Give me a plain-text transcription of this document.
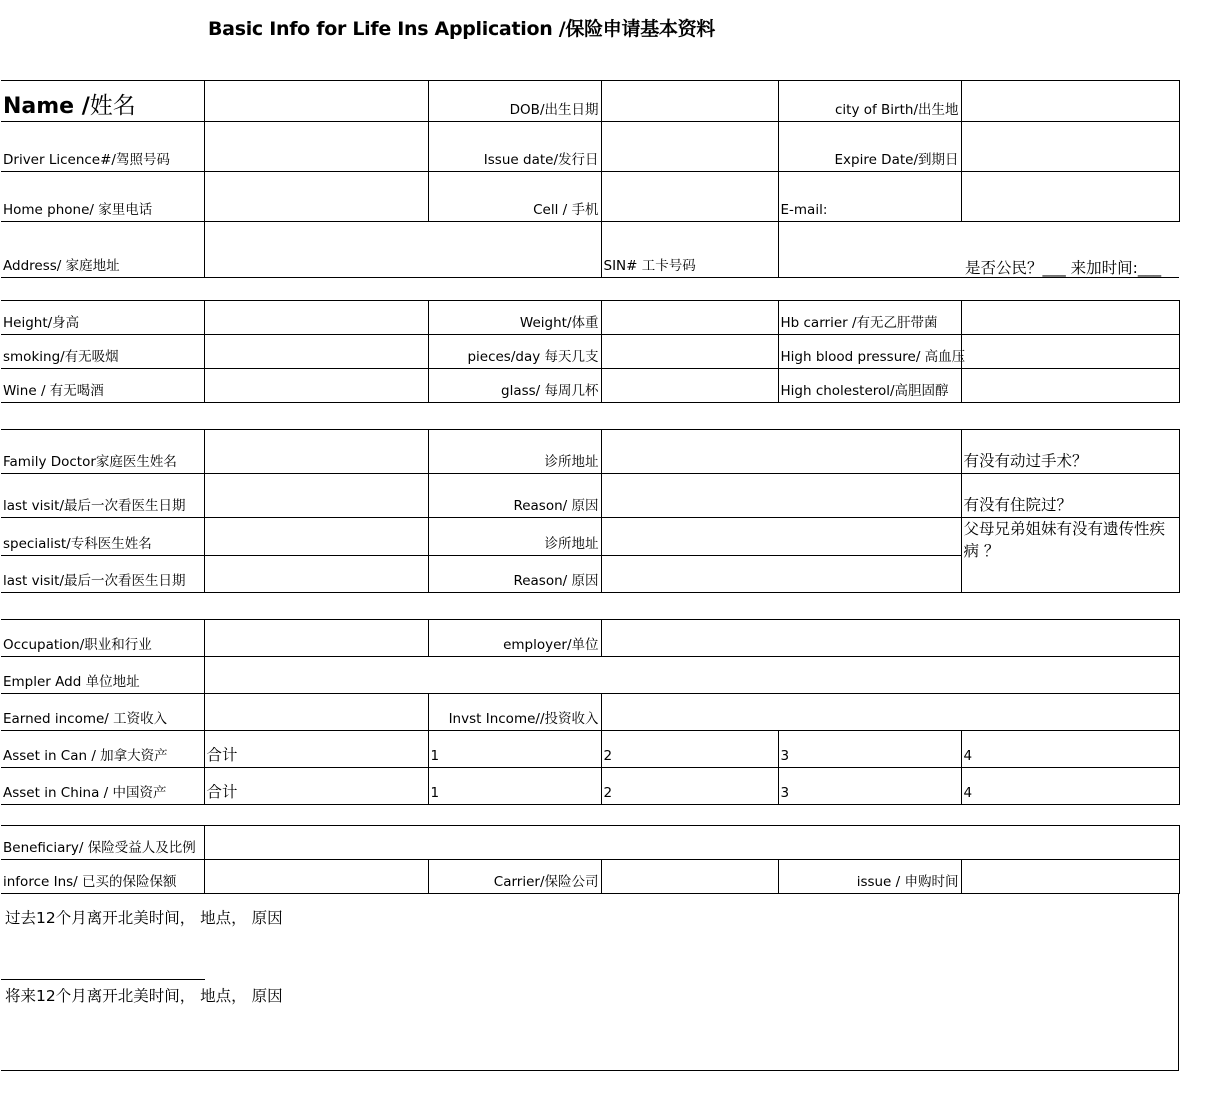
Basic Info for Life Ins Application /保险申请基本资料
Name /姓名		DOB/出生日期		city of Birth/出生地	
Driver Licence#/驾照号码		Issue date/发行日		Expire Date/到期日	
Home phone/ 家里电话		Cell / 手机		E-mail:	
Address/ 家庭地址			SIN# 工卡号码			是否公民？___ 来加时间:___
Height/身高		Weight/体重		Hb carrier /有无乙肝带菌	
smoking/有无吸烟		pieces/day 每天几支		High blood pressure/ 高血压	
Wine / 有无喝酒		glass/ 每周几杯		High cholesterol/高胆固醇	
Family Doctor家庭医生姓名		诊所地址		有没有动过手术？
last visit/最后一次看医生日期		Reason/ 原因		有没有住院过？
specialist/专科医生姓名		诊所地址		父母兄弟姐妹有没有遗传性疾病 ？
last visit/最后一次看医生日期		Reason/ 原因		
Occupation/职业和行业		employer/单位			
Empler Add 单位地址					
Earned income/ 工资收入		Invst Income//投资收入			
Asset in Can / 加拿大资产	合计	1	2	3	4
Asset in China / 中国资产	合计	1	2	3	4
Beneficiary/ 保险受益人及比例					
inforce Ins/ 已买的保险保额		Carrier/保险公司		issue / 申购时间	
过去12个月离开北美时间， 地点， 原因
将来12个月离开北美时间， 地点， 原因
